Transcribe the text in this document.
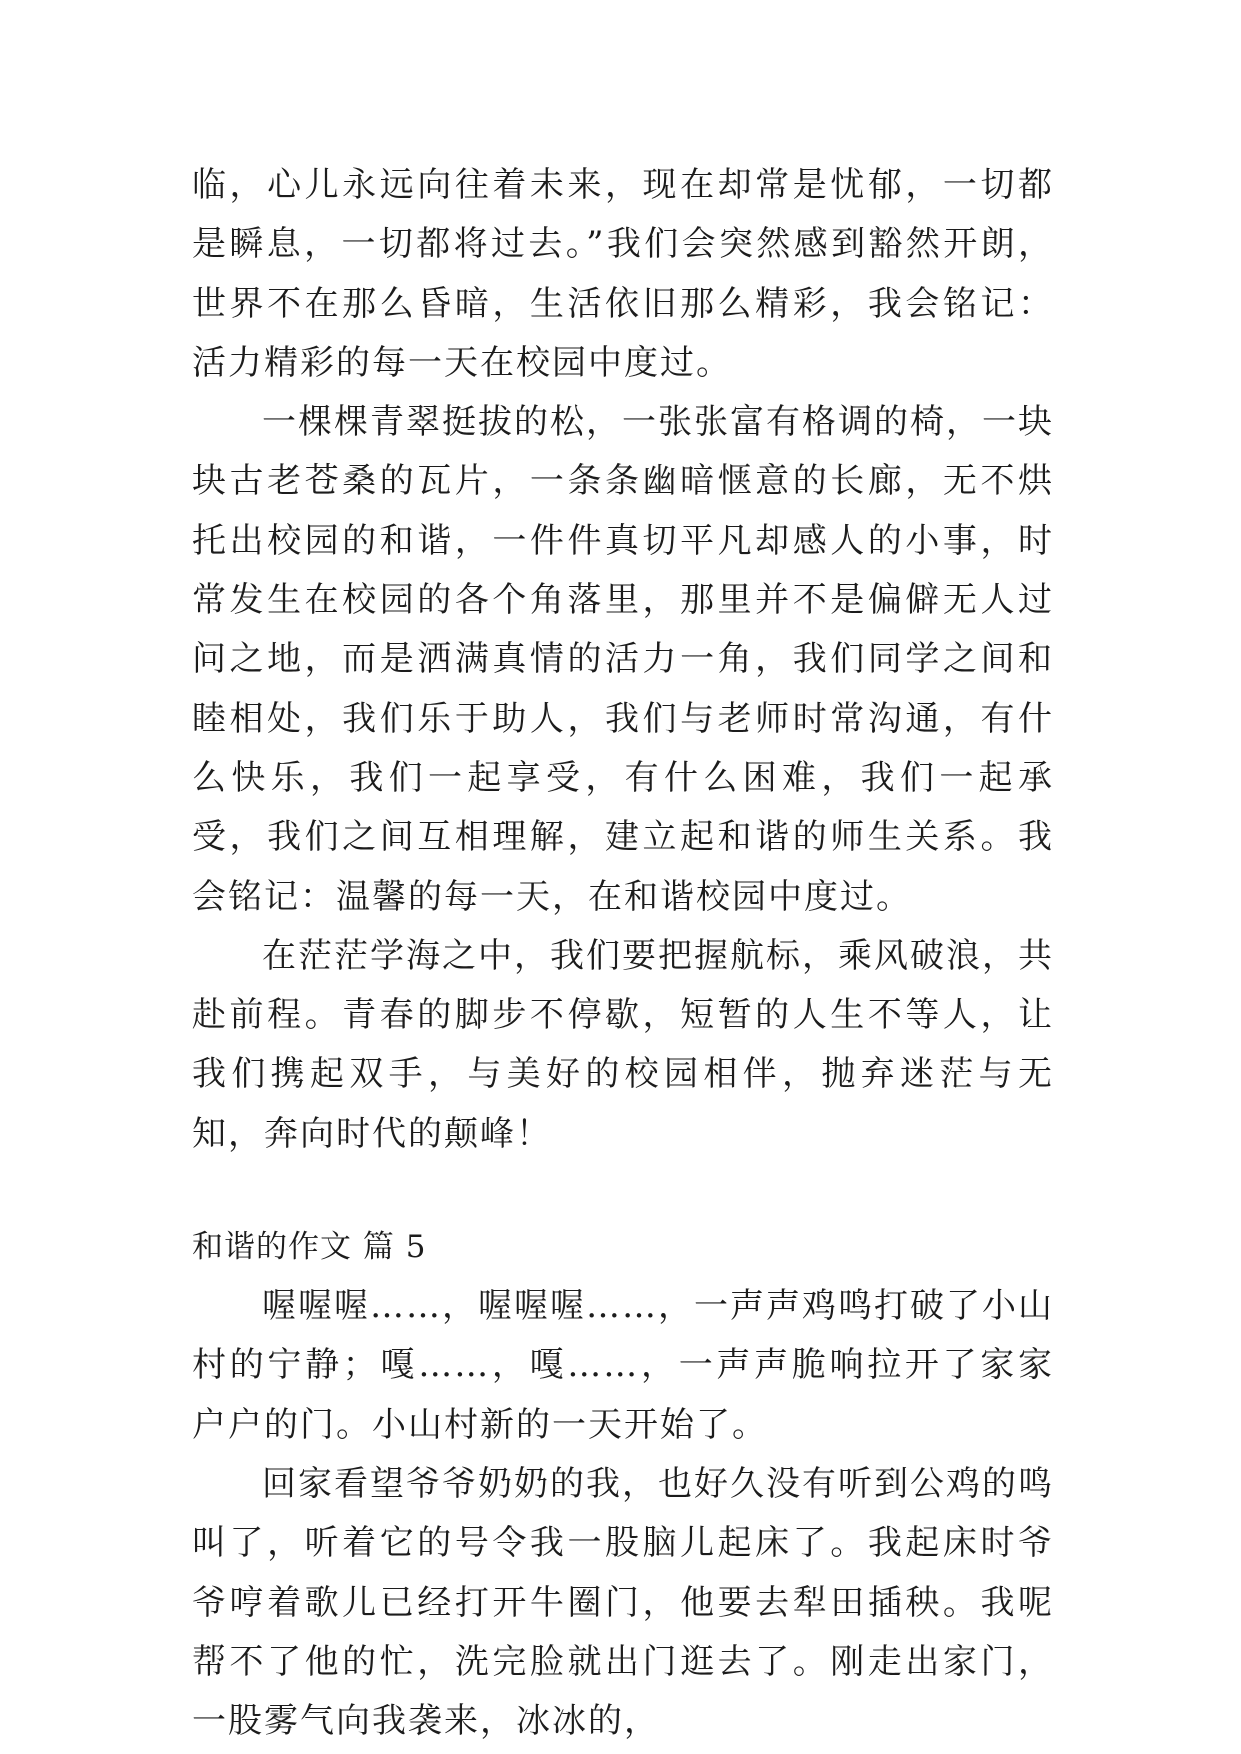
临，心儿永远向往着未来，现在却常是忧郁，一切都是瞬息，一切都将过去。”我们会突然感到豁然开朗，世界不在那么昏暗，生活依旧那么精彩，我会铭记：活力精彩的每一天在校园中度过。

一棵棵青翠挺拔的松，一张张富有格调的椅，一块块古老苍桑的瓦片，一条条幽暗惬意的长廊，无不烘托出校园的和谐，一件件真切平凡却感人的小事，时常发生在校园的各个角落里，那里并不是偏僻无人过问之地，而是洒满真情的活力一角，我们同学之间和睦相处，我们乐于助人，我们与老师时常沟通，有什么快乐，我们一起享受，有什么困难，我们一起承受，我们之间互相理解，建立起和谐的师生关系。我会铭记：温馨的每一天，在和谐校园中度过。

在茫茫学海之中，我们要把握航标，乘风破浪，共赴前程。青春的脚步不停歇，短暂的人生不等人，让我们携起双手，与美好的校园相伴，抛弃迷茫与无知，奔向时代的颠峰！

和谐的作文 篇 5

喔喔喔……，喔喔喔……，一声声鸡鸣打破了小山村的宁静；嘎……，嘎……，一声声脆响拉开了家家户户的门。小山村新的一天开始了。

回家看望爷爷奶奶的我，也好久没有听到公鸡的鸣叫了，听着它的号令我一股脑儿起床了。我起床时爷爷哼着歌儿已经打开牛圈门，他要去犁田插秧。我呢帮不了他的忙，洗完脸就出门逛去了。刚走出家门，一股雾气向我袭来，冰冰的，
